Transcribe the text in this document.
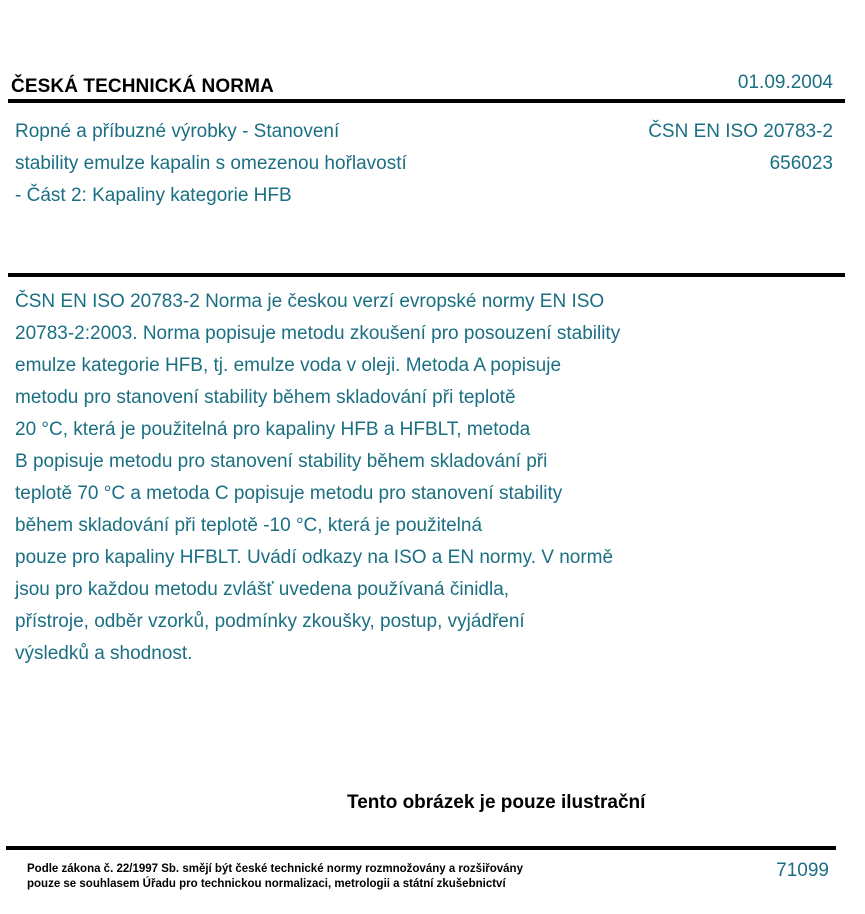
ČESKÁ TECHNICKÁ NORMA	01.09.2004
Ropné a příbuzné výrobky - Stanovení
stability emulze kapalin s omezenou hořlavostí
- Část 2: Kapaliny kategorie HFB
ČSN EN ISO 20783-2
656023
ČSN EN ISO 20783-2 Norma je českou verzí evropské normy EN ISO
20783-2:2003. Norma popisuje metodu zkoušení pro posouzení stability
emulze kategorie HFB, tj. emulze voda v oleji. Metoda A popisuje
metodu pro stanovení stability během skladování při teplotě
20 °C, která je použitelná pro kapaliny HFB a HFBLT, metoda
B popisuje metodu pro stanovení stability během skladování při
teplotě 70 °C a metoda C popisuje metodu pro stanovení stability
během skladování při teplotě -10 °C, která je použitelná
pouze pro kapaliny HFBLT. Uvádí odkazy na ISO a EN normy. V normě
jsou pro každou metodu zvlášť uvedena používaná činidla,
přístroje, odběr vzorků, podmínky zkoušky, postup, vyjádření
výsledků a shodnost.
Tento obrázek je pouze ilustrační
Podle zákona č. 22/1997 Sb. smějí být české technické normy rozmnožovány a rozšiřovány
pouze se souhlasem Úřadu pro technickou normalizaci, metrologii a státní zkušebnictví
71099
